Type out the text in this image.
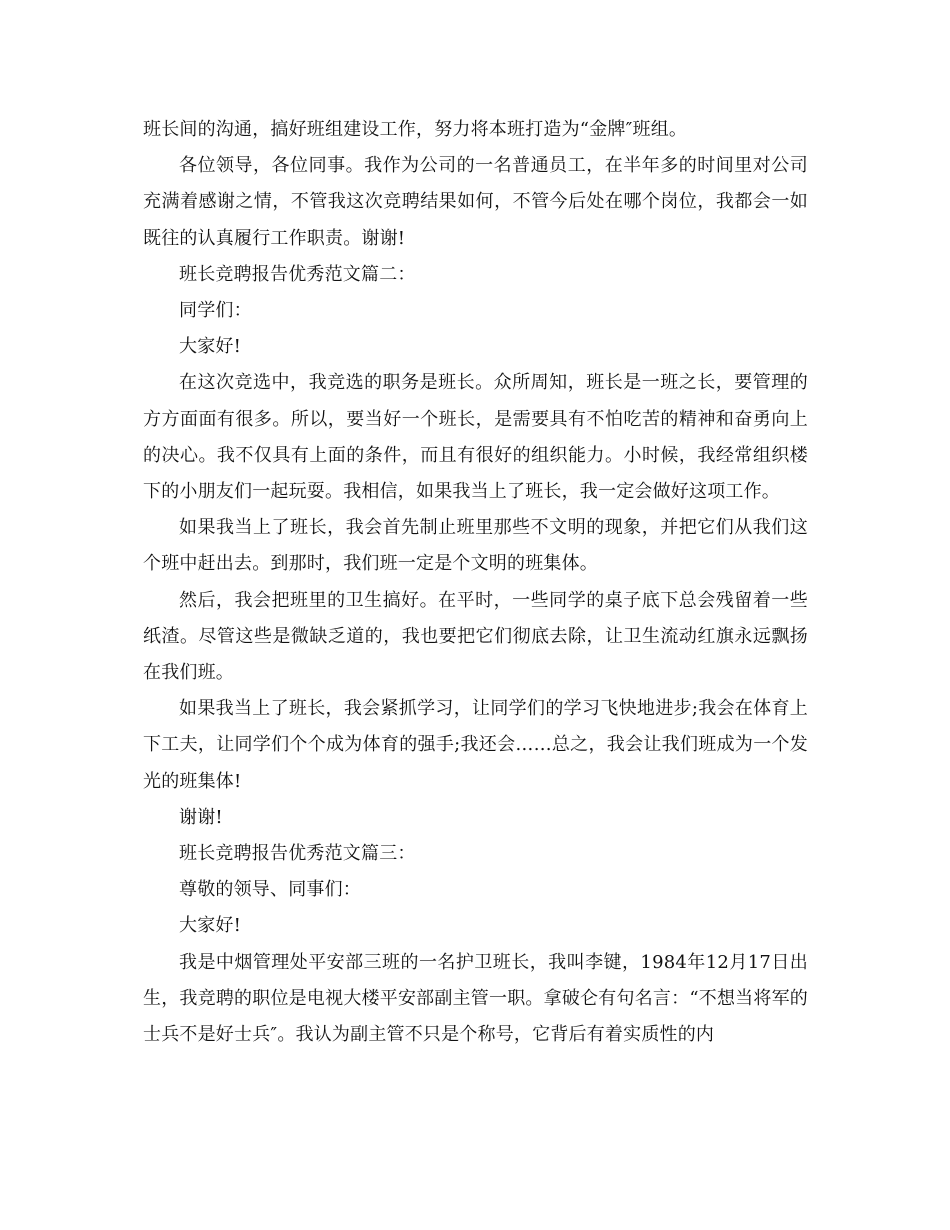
班长间的沟通，搞好班组建设工作，努力将本班打造为“金牌″班组。

各位领导，各位同事。我作为公司的一名普通员工，在半年多的时间里对公司充满着感谢之情，不管我这次竞聘结果如何，不管今后处在哪个岗位，我都会一如既往的认真履行工作职责。谢谢!

班长竞聘报告优秀范文篇二：

同学们：

大家好!

在这次竞选中，我竞选的职务是班长。众所周知，班长是一班之长，要管理的方方面面有很多。所以，要当好一个班长，是需要具有不怕吃苦的精神和奋勇向上的决心。我不仅具有上面的条件，而且有很好的组织能力。小时候，我经常组织楼下的小朋友们一起玩耍。我相信，如果我当上了班长，我一定会做好这项工作。

如果我当上了班长，我会首先制止班里那些不文明的现象，并把它们从我们这个班中赶出去。到那时，我们班一定是个文明的班集体。

然后，我会把班里的卫生搞好。在平时，一些同学的桌子底下总会残留着一些纸渣。尽管这些是微缺乏道的，我也要把它们彻底去除，让卫生流动红旗永远飘扬在我们班。

如果我当上了班长，我会紧抓学习，让同学们的学习飞快地进步;我会在体育上下工夫，让同学们个个成为体育的强手;我还会……总之，我会让我们班成为一个发光的班集体!

谢谢!

班长竞聘报告优秀范文篇三：

尊敬的领导、同事们：

大家好!

我是中烟管理处平安部三班的一名护卫班长，我叫李键，1984年12月17日出生，我竞聘的职位是电视大楼平安部副主管一职。拿破仑有句名言：“不想当将军的士兵不是好士兵″。我认为副主管不只是个称号，它背后有着实质性的内
